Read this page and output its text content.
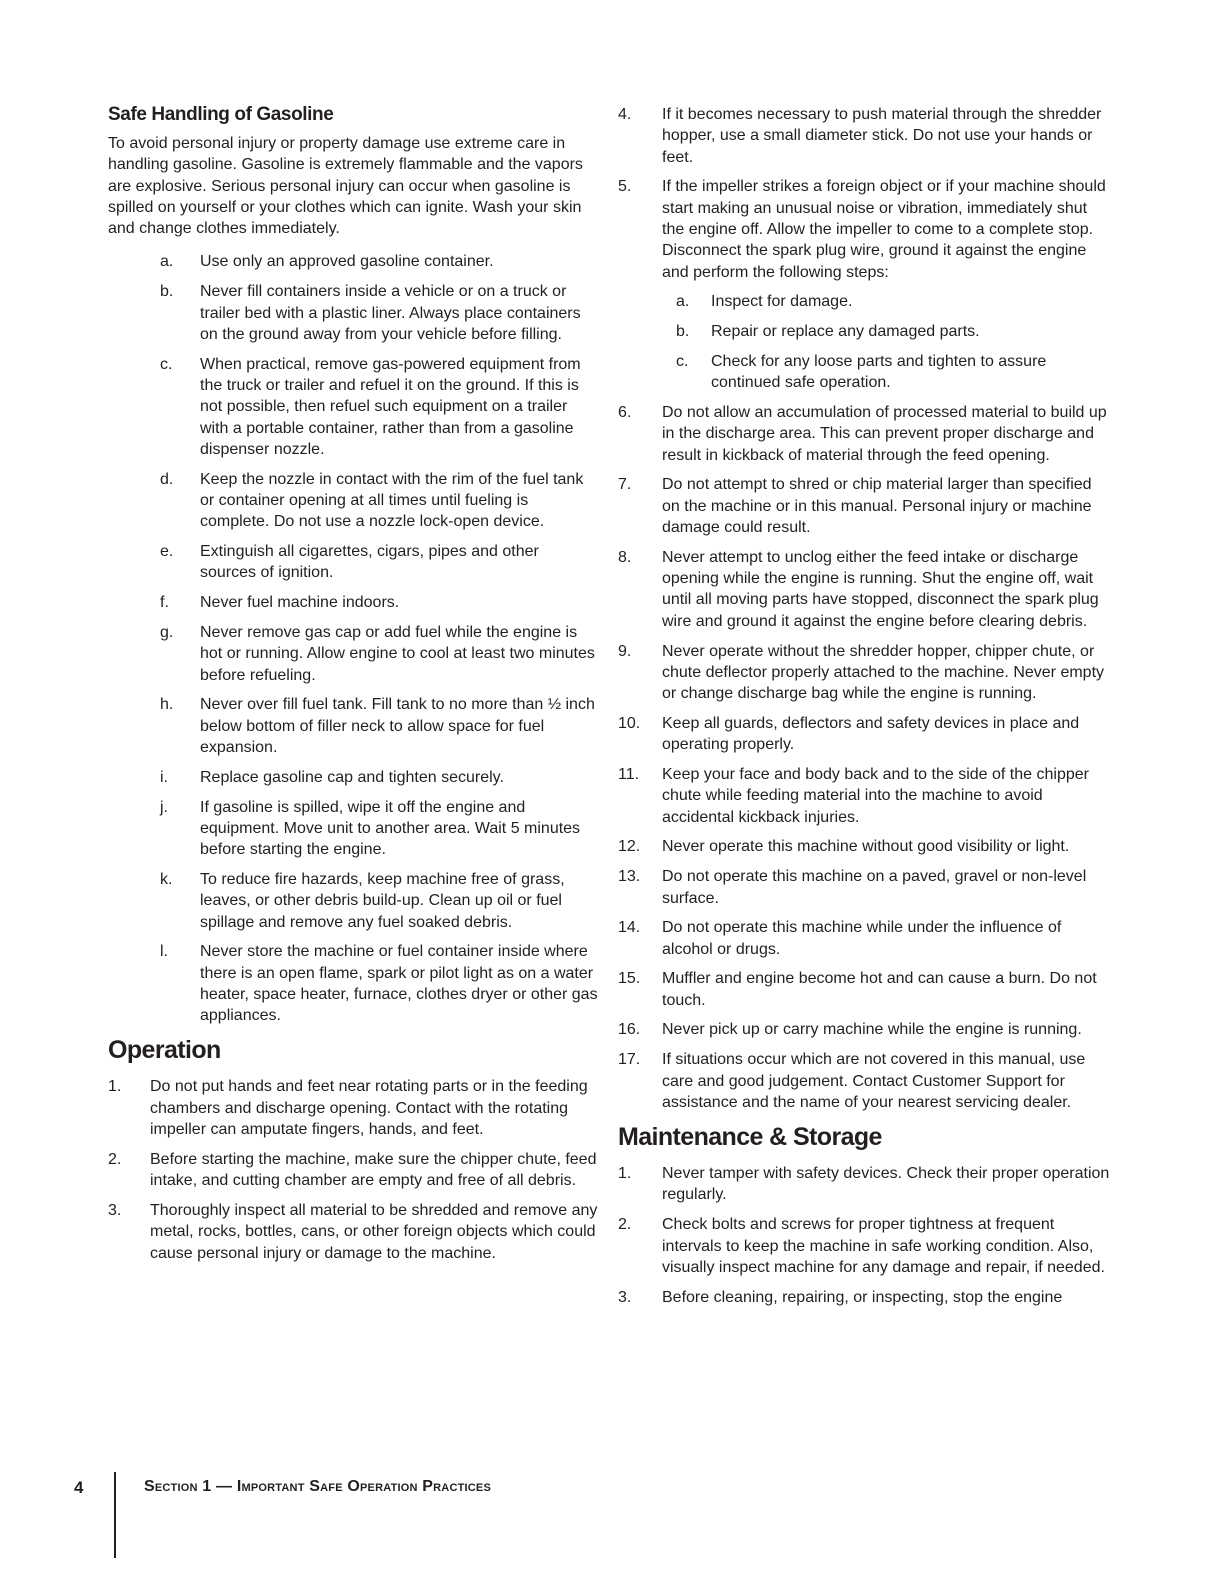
Safe Handling of Gasoline

To avoid personal injury or property damage use extreme care in handling gasoline. Gasoline is extremely flammable and the vapors are explosive. Serious personal injury can occur when gasoline is spilled on yourself or your clothes which can ignite. Wash your skin and change clothes immediately.

a. Use only an approved gasoline container.
b. Never fill containers inside a vehicle or on a truck or trailer bed with a plastic liner. Always place containers on the ground away from your vehicle before filling.
c. When practical, remove gas-powered equipment from the truck or trailer and refuel it on the ground. If this is not possible, then refuel such equipment on a trailer with a portable container, rather than from a gasoline dispenser nozzle.
d. Keep the nozzle in contact with the rim of the fuel tank or container opening at all times until fueling is complete. Do not use a nozzle lock-open device.
e. Extinguish all cigarettes, cigars, pipes and other sources of ignition.
f. Never fuel machine indoors.
g. Never remove gas cap or add fuel while the engine is hot or running. Allow engine to cool at least two minutes before refueling.
h. Never over fill fuel tank. Fill tank to no more than ½ inch below bottom of filler neck to allow space for fuel expansion.
i. Replace gasoline cap and tighten securely.
j. If gasoline is spilled, wipe it off the engine and equipment. Move unit to another area. Wait 5 minutes before starting the engine.
k. To reduce fire hazards, keep machine free of grass, leaves, or other debris build-up. Clean up oil or fuel spillage and remove any fuel soaked debris.
l. Never store the machine or fuel container inside where there is an open flame, spark or pilot light as on a water heater, space heater, furnace, clothes dryer or other gas appliances.
Operation
1. Do not put hands and feet near rotating parts or in the feeding chambers and discharge opening. Contact with the rotating impeller can amputate fingers, hands, and feet.
2. Before starting the machine, make sure the chipper chute, feed intake, and cutting chamber are empty and free of all debris.
3. Thoroughly inspect all material to be shredded and remove any metal, rocks, bottles, cans, or other foreign objects which could cause personal injury or damage to the machine.
4. If it becomes necessary to push material through the shredder hopper, use a small diameter stick. Do not use your hands or feet.
5. If the impeller strikes a foreign object or if your machine should start making an unusual noise or vibration, immediately shut the engine off. Allow the impeller to come to a complete stop. Disconnect the spark plug wire, ground it against the engine and perform the following steps:
a. Inspect for damage.
b. Repair or replace any damaged parts.
c. Check for any loose parts and tighten to assure continued safe operation.
6. Do not allow an accumulation of processed material to build up in the discharge area. This can prevent proper discharge and result in kickback of material through the feed opening.
7. Do not attempt to shred or chip material larger than specified on the machine or in this manual. Personal injury or machine damage could result.
8. Never attempt to unclog either the feed intake or discharge opening while the engine is running. Shut the engine off, wait until all moving parts have stopped, disconnect the spark plug wire and ground it against the engine before clearing debris.
9. Never operate without the shredder hopper, chipper chute, or chute deflector properly attached to the machine. Never empty or change discharge bag while the engine is running.
10. Keep all guards, deflectors and safety devices in place and operating properly.
11. Keep your face and body back and to the side of the chipper chute while feeding material into the machine to avoid accidental kickback injuries.
12. Never operate this machine without good visibility or light.
13. Do not operate this machine on a paved, gravel or non-level surface.
14. Do not operate this machine while under the influence of alcohol or drugs.
15. Muffler and engine become hot and can cause a burn. Do not touch.
16. Never pick up or carry machine while the engine is running.
17. If situations occur which are not covered in this manual, use care and good judgement. Contact Customer Support for assistance and the name of your nearest servicing dealer.
Maintenance & Storage
1. Never tamper with safety devices. Check their proper operation regularly.
2. Check bolts and screws for proper tightness at frequent intervals to keep the machine in safe working condition. Also, visually inspect machine for any damage and repair, if needed.
3. Before cleaning, repairing, or inspecting, stop the engine
4	Section 1 — Important Safe Operation Practices
